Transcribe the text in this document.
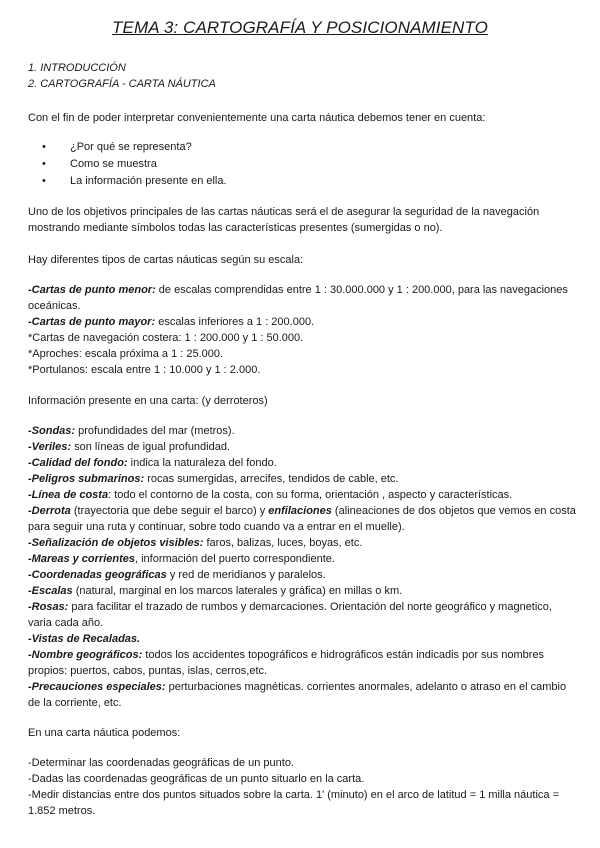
TEMA 3: CARTOGRAFÍA Y POSICIONAMIENTO

1. INTRODUCCIÓN

2. CARTOGRAFÍA - CARTA NÁUTICA

Con el fin de poder interpretar convenientemente una carta náutica debemos tener en cuenta:

• ¿Por qué se representa?
• Como se muestra
• La información presente en ella.

Uno de los objetivos principales de las cartas náuticas será el de asegurar la seguridad de la navegación mostrando mediante símbolos todas las características presentes (sumergidas o no).

Hay diferentes tipos de cartas náuticas según su escala:

-Cartas de punto menor: de escalas comprendidas entre 1 : 30.000.000 y 1 : 200.000, para las navegaciones oceánicas.

-Cartas de punto mayor: escalas inferiores a 1 : 200.000.

*Cartas de navegación costera: 1 : 200.000 y 1 : 50.000.

*Aproches: escala próxima a 1 : 25.000.

*Portulanos: escala entre 1 : 10.000 y 1 : 2.000.

Información presente en una carta: (y derroteros)

-Sondas: profundidades del mar (metros).

-Veriles: son líneas de igual profundidad.

-Calidad del fondo: indica la naturaleza del fondo.

-Peligros submarinos: rocas sumergidas, arrecifes, tendidos de cable, etc.

-Línea de costa: todo el contorno de la costa, con su forma, orientación , aspecto y características.

-Derrota (trayectoria que debe seguir el barco) y enfilaciones (alineaciones de dos objetos que vemos en costa para seguir una ruta y continuar, sobre todo cuando va a entrar en el muelle).

-Señalización de objetos visibles: faros, balizas, luces, boyas, etc.

-Mareas y corrientes, información del puerto correspondiente.

-Coordenadas geográficas y red de meridianos y paralelos.

-Escalas (natural, marginal en los marcos laterales y gráfica) en millas o km.

-Rosas: para facilitar el trazado de rumbos y demarcaciones. Orientación del norte geográfico y magnetico, varia cada año.

-Vistas de Recaladas.

-Nombre geográficos: todos los accidentes topográficos e hidrográficos están indicadis por sus nombres propios: puertos, cabos, puntas, islas, cerros,etc.

-Precauciones especiales: perturbaciones magnéticas. corrientes anormales, adelanto o atraso en el cambio de la corriente, etc.

En una carta náutica podemos:

-Determinar las coordenadas geográficas de un punto.

-Dadas las coordenadas geográficas de un punto situarlo en la carta.

-Medir distancias entre dos puntos situados sobre la carta. 1' (minuto) en el arco de latitud = 1 milla náutica = 1.852 metros.
